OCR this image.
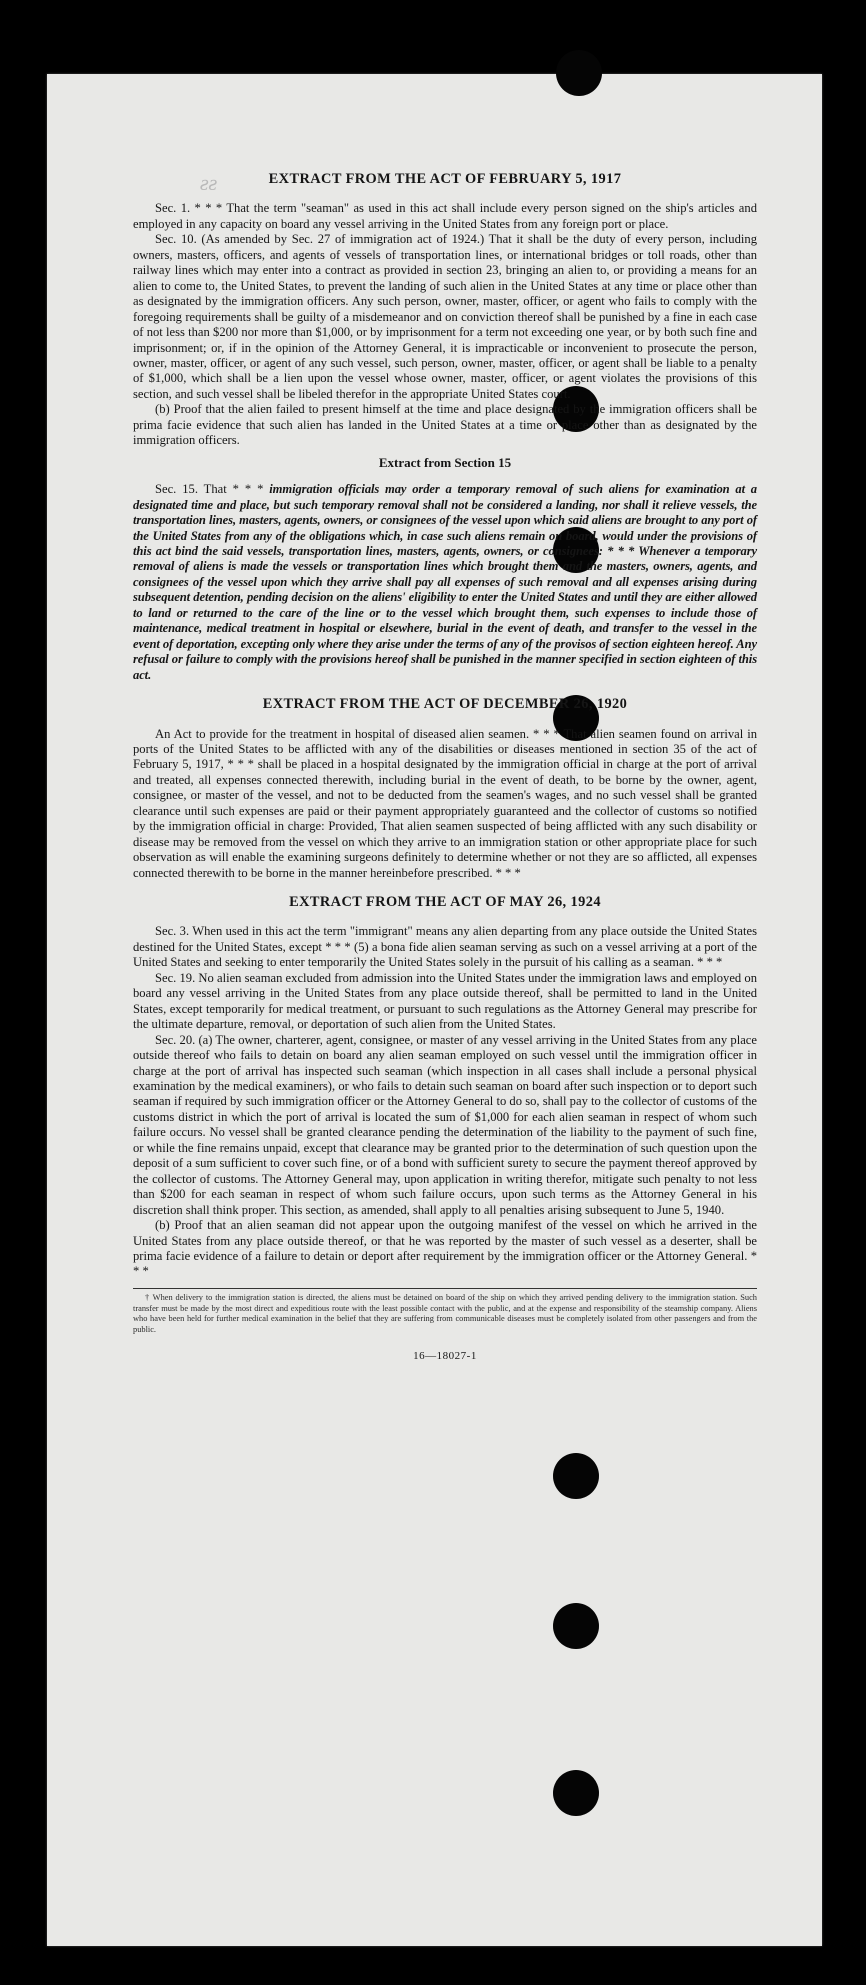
ƨƨ	EXTRACT FROM THE ACT OF FEBRUARY 5, 1917

Sec. 1. * * * That the term "seaman" as used in this act shall include every person signed on the ship's articles and employed in any capacity on board any vessel arriving in the United States from any foreign port or place.

Sec. 10. (As amended by Sec. 27 of immigration act of 1924.) That it shall be the duty of every person, including owners, masters, officers, and agents of vessels of transportation lines, or international bridges or toll roads, other than railway lines which may enter into a contract as provided in section 23, bringing an alien to, or providing a means for an alien to come to, the United States, to prevent the landing of such alien in the United States at any time or place other than as designated by the immigration officers. Any such person, owner, master, officer, or agent who fails to comply with the foregoing requirements shall be guilty of a misdemeanor and on conviction thereof shall be punished by a fine in each case of not less than $200 nor more than $1,000, or by imprisonment for a term not exceeding one year, or by both such fine and imprisonment; or, if in the opinion of the Attorney General, it is impracticable or inconvenient to prosecute the person, owner, master, officer, or agent of any such vessel, such person, owner, master, officer, or agent shall be liable to a penalty of $1,000, which shall be a lien upon the vessel whose owner, master, officer, or agent violates the provisions of this section, and such vessel shall be libeled therefor in the appropriate United States court.

(b) Proof that the alien failed to present himself at the time and place designated by the immigration officers shall be prima facie evidence that such alien has landed in the United States at a time or place other than as designated by the immigration officers.

Extract from Section 15

Sec. 15. That * * * immigration officials may order a temporary removal of such aliens for examination at a designated time and place, but such temporary removal shall not be considered a landing, nor shall it relieve vessels, the transportation lines, masters, agents, owners, or consignees of the vessel upon which said aliens are brought to any port of the United States from any of the obligations which, in case such aliens remain on board, would under the provisions of this act bind the said vessels, transportation lines, masters, agents, owners, or consignees: * * * Whenever a temporary removal of aliens is made the vessels or transportation lines which brought them and the masters, owners, agents, and consignees of the vessel upon which they arrive shall pay all expenses of such removal and all expenses arising during subsequent detention, pending decision on the aliens' eligibility to enter the United States and until they are either allowed to land or returned to the care of the line or to the vessel which brought them, such expenses to include those of maintenance, medical treatment in hospital or elsewhere, burial in the event of death, and transfer to the vessel in the event of deportation, excepting only where they arise under the terms of any of the provisos of section eighteen hereof. Any refusal or failure to comply with the provisions hereof shall be punished in the manner specified in section eighteen of this act.

EXTRACT FROM THE ACT OF DECEMBER 26, 1920

An Act to provide for the treatment in hospital of diseased alien seamen. * * * That alien seamen found on arrival in ports of the United States to be afflicted with any of the disabilities or diseases mentioned in section 35 of the act of February 5, 1917, * * * shall be placed in a hospital designated by the immigration official in charge at the port of arrival and treated, all expenses connected therewith, including burial in the event of death, to be borne by the owner, agent, consignee, or master of the vessel, and not to be deducted from the seamen's wages, and no such vessel shall be granted clearance until such expenses are paid or their payment appropriately guaranteed and the collector of customs so notified by the immigration official in charge: Provided, That alien seamen suspected of being afflicted with any such disability or disease may be removed from the vessel on which they arrive to an immigration station or other appropriate place for such observation as will enable the examining surgeons definitely to determine whether or not they are so afflicted, all expenses connected therewith to be borne in the manner hereinbefore prescribed. * * *

EXTRACT FROM THE ACT OF MAY 26, 1924

Sec. 3. When used in this act the term "immigrant" means any alien departing from any place outside the United States destined for the United States, except * * * (5) a bona fide alien seaman serving as such on a vessel arriving at a port of the United States and seeking to enter temporarily the United States solely in the pursuit of his calling as a seaman. * * *

Sec. 19. No alien seaman excluded from admission into the United States under the immigration laws and employed on board any vessel arriving in the United States from any place outside thereof, shall be permitted to land in the United States, except temporarily for medical treatment, or pursuant to such regulations as the Attorney General may prescribe for the ultimate departure, removal, or deportation of such alien from the United States.

Sec. 20. (a) The owner, charterer, agent, consignee, or master of any vessel arriving in the United States from any place outside thereof who fails to detain on board any alien seaman employed on such vessel until the immigration officer in charge at the port of arrival has inspected such seaman (which inspection in all cases shall include a personal physical examination by the medical examiners), or who fails to detain such seaman on board after such inspection or to deport such seaman if required by such immigration officer or the Attorney General to do so, shall pay to the collector of customs of the customs district in which the port of arrival is located the sum of $1,000 for each alien seaman in respect of whom such failure occurs. No vessel shall be granted clearance pending the determination of the liability to the payment of such fine, or while the fine remains unpaid, except that clearance may be granted prior to the determination of such question upon the deposit of a sum sufficient to cover such fine, or of a bond with sufficient surety to secure the payment thereof approved by the collector of customs. The Attorney General may, upon application in writing therefor, mitigate such penalty to not less than $200 for each seaman in respect of whom such failure occurs, upon such terms as the Attorney General in his discretion shall think proper. This section, as amended, shall apply to all penalties arising subsequent to June 5, 1940.

(b) Proof that an alien seaman did not appear upon the outgoing manifest of the vessel on which he arrived in the United States from any place outside thereof, or that he was reported by the master of such vessel as a deserter, shall be prima facie evidence of a failure to detain or deport after requirement by the immigration officer or the Attorney General. * * *

† When delivery to the immigration station is directed, the aliens must be detained on board of the ship on which they arrived pending delivery to the immigration station. Such transfer must be made by the most direct and expeditious route with the least possible contact with the public, and at the expense and responsibility of the steamship company. Aliens who have been held for further medical examination in the belief that they are suffering from communicable diseases must be completely isolated from other passengers and from the public.
16—18027-1
